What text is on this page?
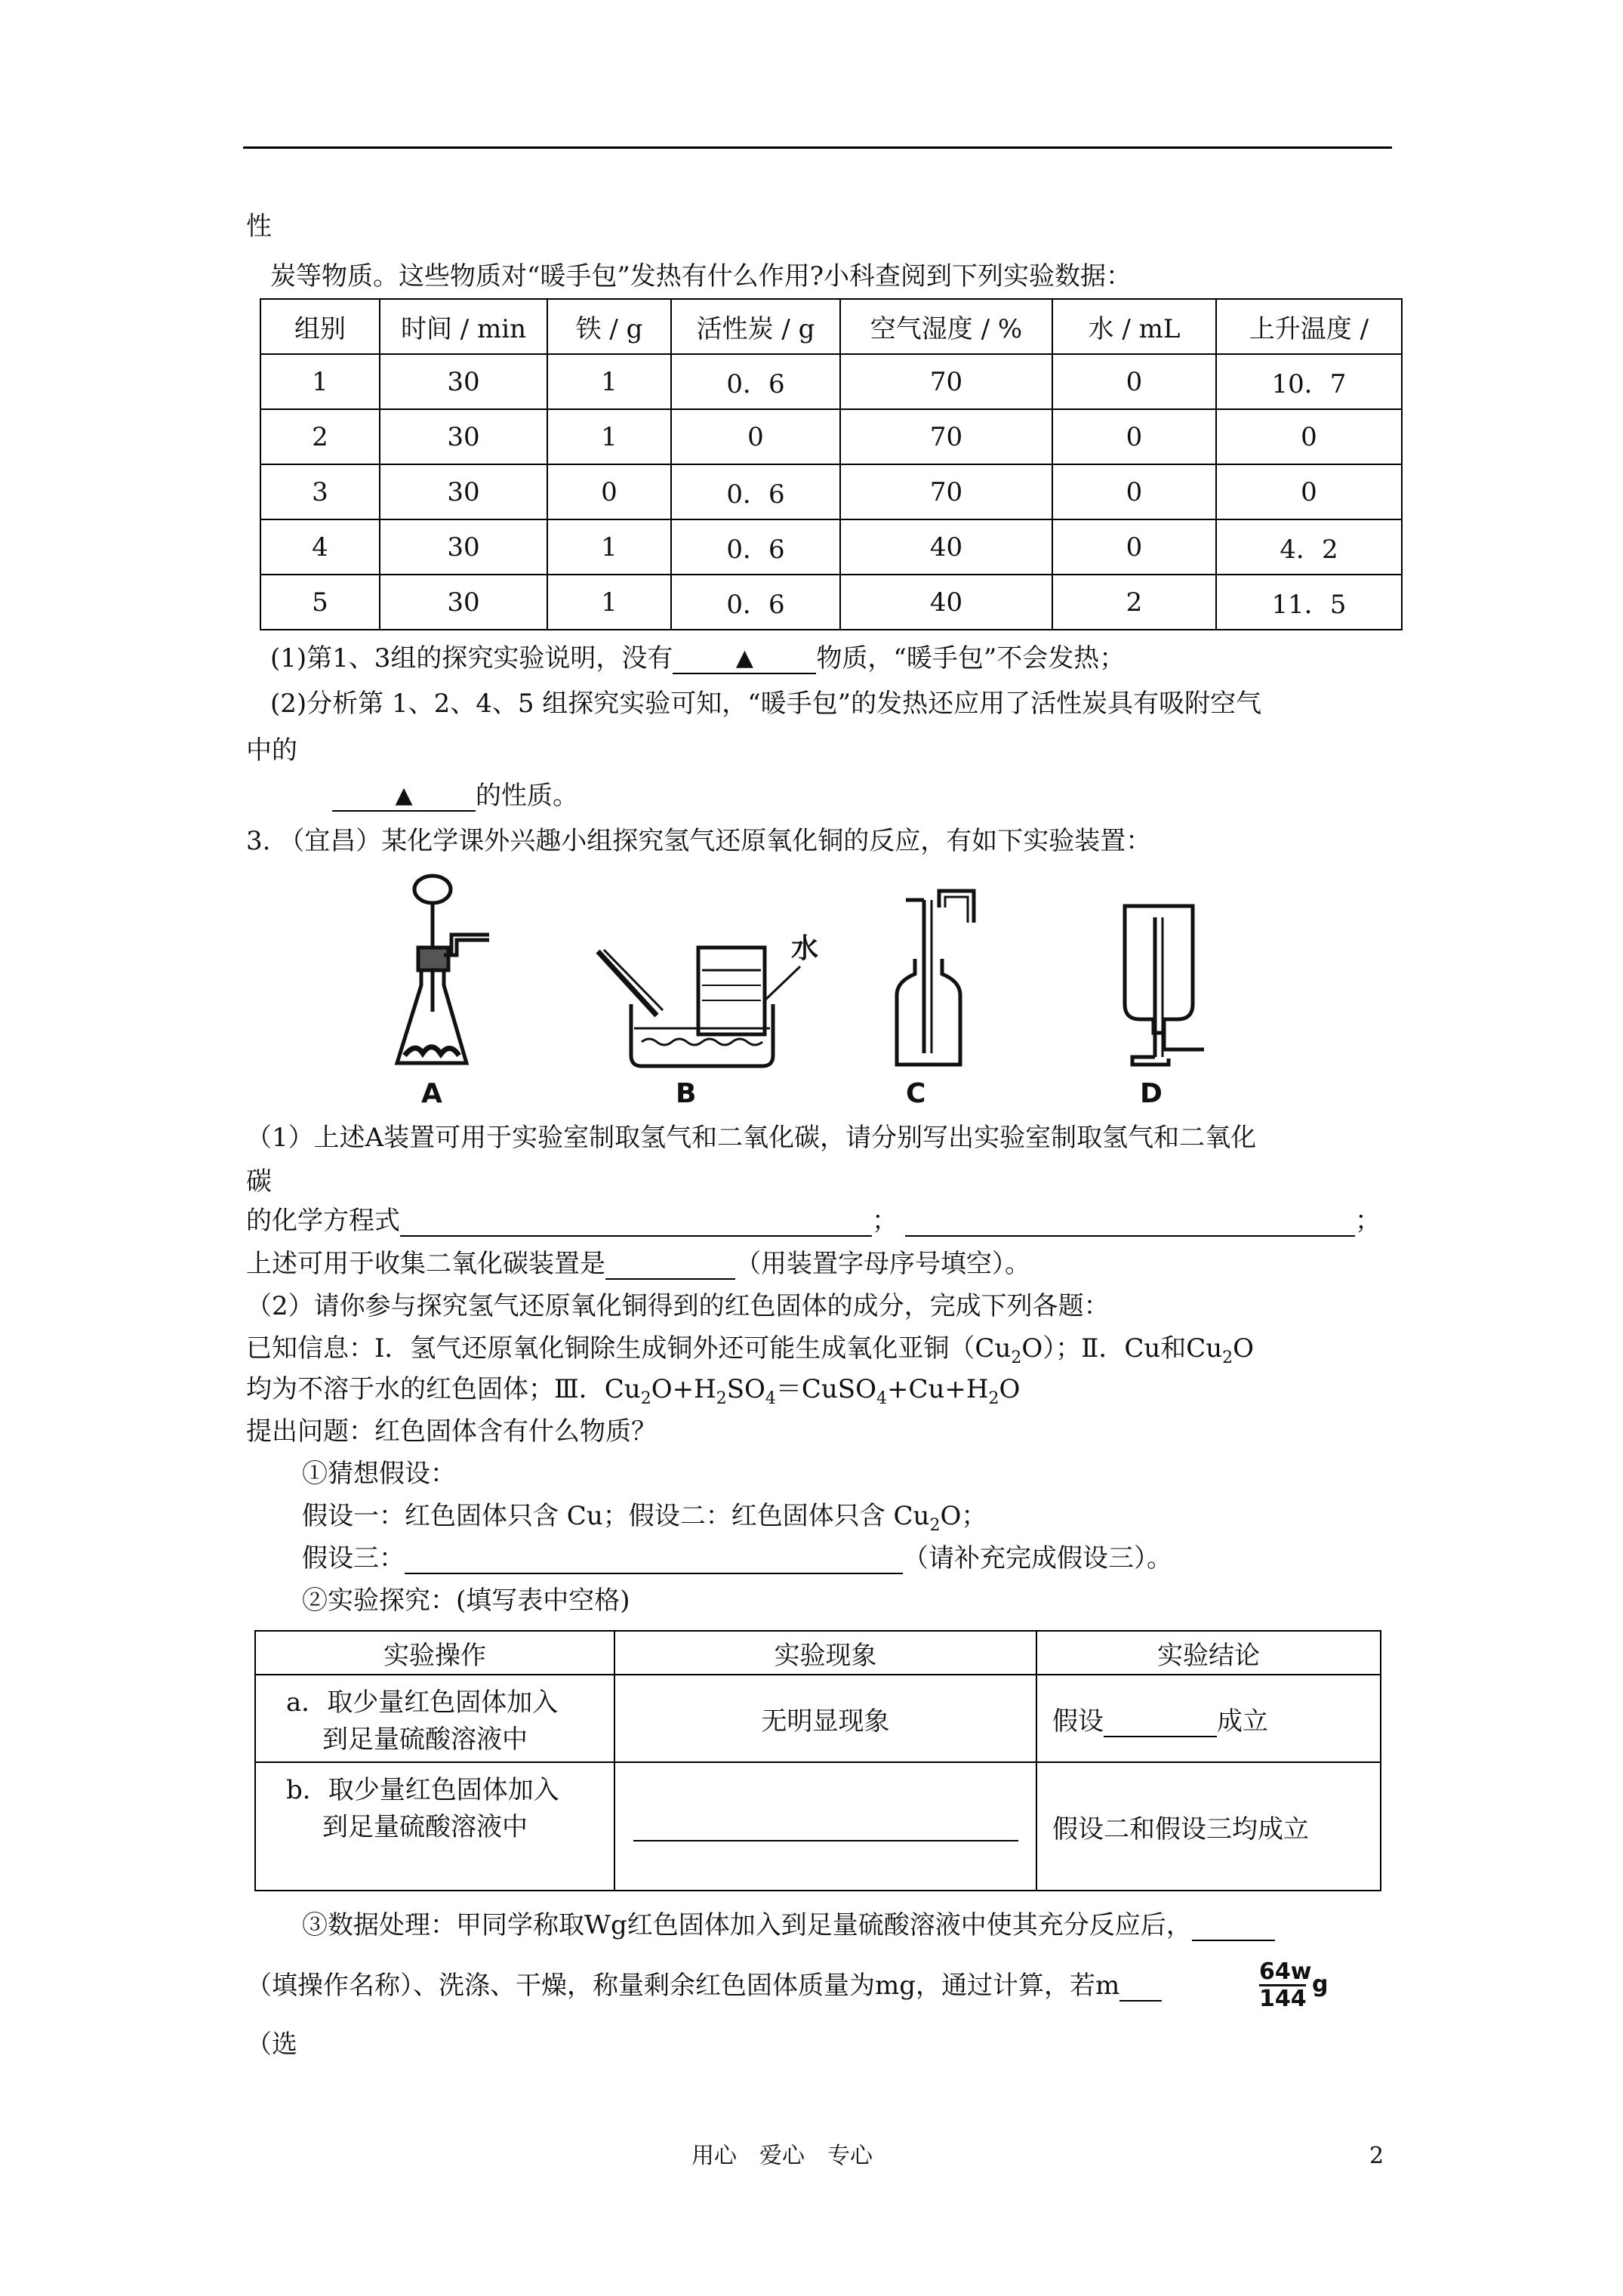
性
炭等物质。这些物质对“暖手包”发热有什么作用?小科查阅到下列实验数据：
组别	时间 / min	铁 / g	活性炭 / g	空气湿度 / %	水 / mL	上升温度 /
1	30	1	0．6	70	0	10．7
2	30	1	0	70	0	0
3	30	0	0．6	70	0	0
4	30	1	0．6	40	0	4．2
5	30	1	0．6	40	2	11．5
(1)第1、3组的探究实验说明，没有	▲ 物质，“暖手包”不会发热；
(2)分析第 1、2、4、5 组探究实验可知，“暖手包”的发热还应用了活性炭具有吸附空气
中的
▲ 的性质。
3. （宜昌）某化学课外兴趣小组探究氢气还原氧化铜的反应，有如下实验装置：
A
水
B	C	D
（1）上述A装置可用于实验室制取氢气和二氧化碳，请分别写出实验室制取氢气和二氧化
碳
的化学方程式	；	；
上述可用于收集二氧化碳装置是	（用装置字母序号填空）。
（2）请你参与探究氢气还原氧化铜得到的红色固体的成分，完成下列各题：
已知信息：Ⅰ．氢气还原氧化铜除生成铜外还可能生成氧化亚铜$(Cu_2O)$；Ⅱ．Cu和$Cu_2O$
均为不溶于水的红色固体；Ⅲ．$Cu_2O+H_2SO_4=CuSO_4+Cu+H_2O$
提出问题：红色固体含有什么物质？
①猜想假设：
假设一：红色固体只含 Cu；假设二：红色固体只含 $Cu_2O$；
假设三：	（请补充完成假设三）。
②实验探究：(填写表中空格)
实验操作	实验现象	实验结论

a．取少量红色固体加入
到足量硫酸溶液中	无明显现象	假设 成立

b．取少量红色固体加入
到足量硫酸溶液中		假设二和假设三均成立
③数据处理：甲同学称取Wg红色固体加入到足量硫酸溶液中使其充分反应后，
（填操作名称）、洗涤、干燥，称量剩余红色固体质量为mg，通过计算，若m	$\frac{64w}{144}$ g
（选
用心　爱心　专心	2
